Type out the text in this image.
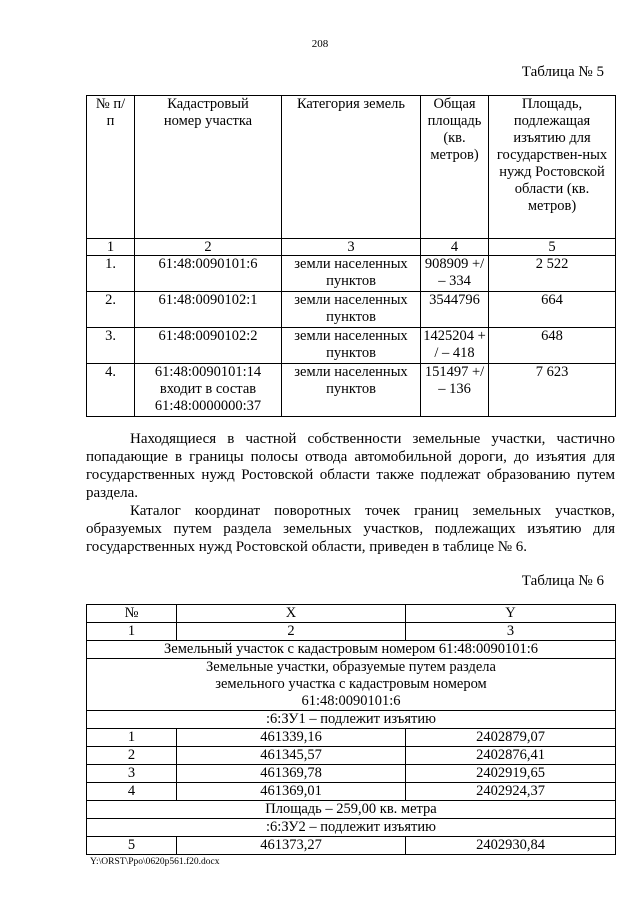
208
Таблица № 5
№ п/п	Кадастровый номер участка	Категория земель	Общая площадь (кв. метров)	Площадь, подлежащая изъятию для государствен-ных нужд Ростовской области (кв. метров)
1	2	3	4	5
1.	61:48:0090101:6	земли населенных пунктов	908909 +/ – 334	2 522
2.	61:48:0090102:1	земли населенных пунктов	3544796	664
3.	61:48:0090102:2	земли населенных пунктов	1425204 + / – 418	648
4.	61:48:0090101:14 входит в состав 61:48:0000000:37	земли населенных пунктов	151497 +/ – 136	7 623

Находящиеся в частной собственности земельные участки, частично попадающие в границы полосы отвода автомобильной дороги, до изъятия для государственных нужд Ростовской области также подлежат образованию путем раздела.

Каталог координат поворотных точек границ земельных участков, образуемых путем раздела земельных участков, подлежащих изъятию для государственных нужд Ростовской области, приведен в таблице № 6.

Таблица № 6
№	X	Y
1	2	3
Земельный участок с кадастровым номером 61:48:0090101:6		
Земельные участки, образуемые путем раздела земельного участка с кадастровым номером 61:48:0090101:6		
:6:ЗУ1 – подлежит изъятию		
1	461339,16	2402879,07
2	461345,57	2402876,41
3	461369,78	2402919,65
4	461369,01	2402924,37
Площадь – 259,00 кв. метра		
:6:ЗУ2 – подлежит изъятию		
5	461373,27	2402930,84
Y:\ORST\Ppo\0620p561.f20.docx
